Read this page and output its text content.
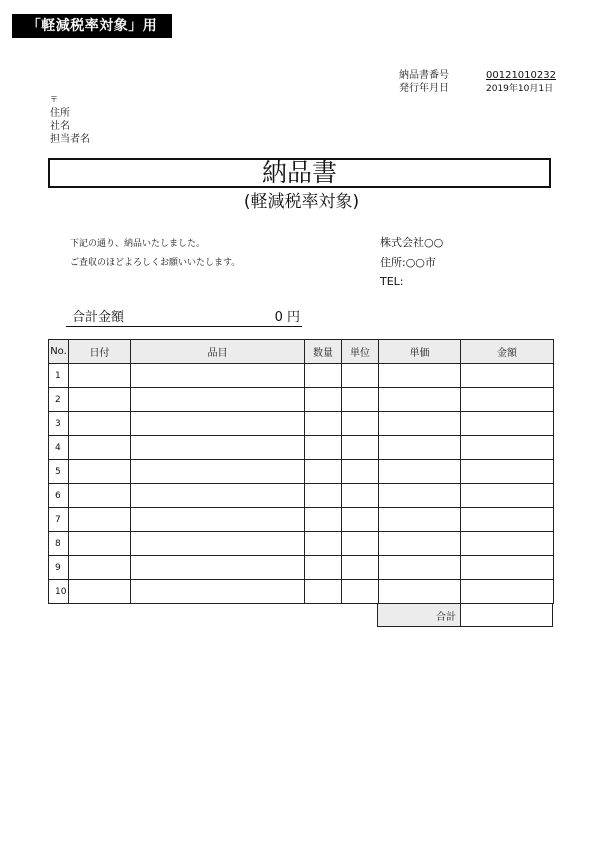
「軽減税率対象」用
納品書番号	00121010232
発行年月日	2019年10月1日
〒
住所
社名
担当者名
納品書
(軽減税率対象)
下記の通り、納品いたしました。
ご査収のほどよろしくお願いいたします。
株式会社○○
住所:○○市
TEL:
合計金額	0 円
No.	日付	品目	数量	単位	単価	金額
1						
2						
3						
4						
5						
6						
7						
8						
9						
10						
合計	
